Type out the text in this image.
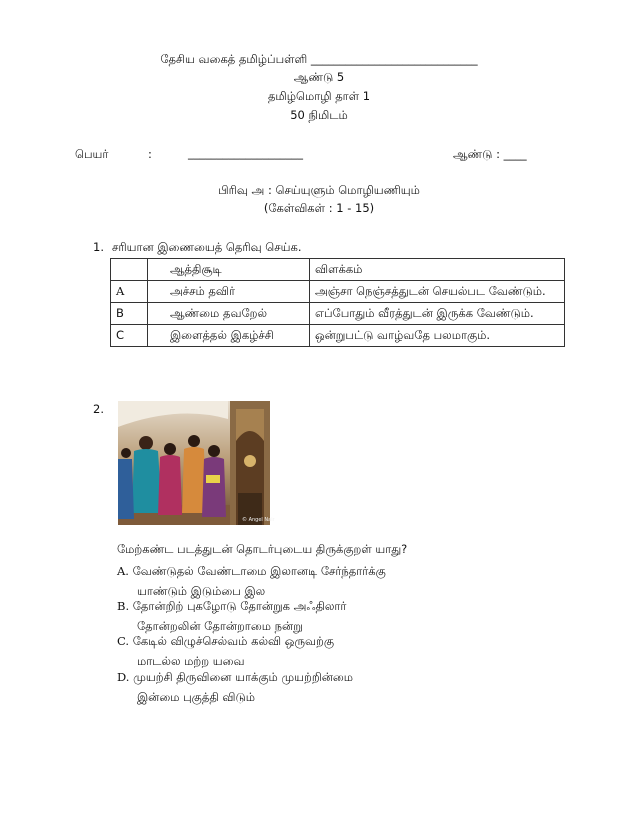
தேசிய வகைத் தமிழ்ப்பள்ளி _____________________________
ஆண்டு 5
தமிழ்மொழி தாள் 1
50 நிமிடம்
பெயர்	:	____________________	ஆண்டு : ____
பிரிவு அ : செய்யுளும் மொழியணியும்
(கேள்விகள் : 1 - 15)
1. சரியான இணையைத் தெரிவு செய்க.
	ஆத்திசூடி	விளக்கம்
A	அச்சம் தவிர்	அஞ்சா நெஞ்சத்துடன் செயல்பட வேண்டும்.
B	ஆண்மை தவறேல்	எப்போதும் வீரத்துடன் இருக்க வேண்டும்.
C	இளைத்தல் இகழ்ச்சி	ஒன்றுபட்டு வாழ்வதே பலமாகும்.
2.
© Angel Nair
மேற்கண்ட படத்துடன் தொடர்புடைய திருக்குறள் யாது?
A. வேண்டுதல் வேண்டாமை இலானடி சேர்ந்தார்க்கு
யாண்டும் இடும்பை இல
B. தோன்றிற் புகழோடு தோன்றுக அஃதிலார்
தோன்றலின் தோன்றாமை நன்று
C. கேடில் விழுச்செல்வம் கல்வி ஒருவற்கு
மாடல்ல மற்ற யவை
D. முயற்சி திருவினை யாக்கும் முயற்றின்மை
இன்மை புகுத்தி விடும்
